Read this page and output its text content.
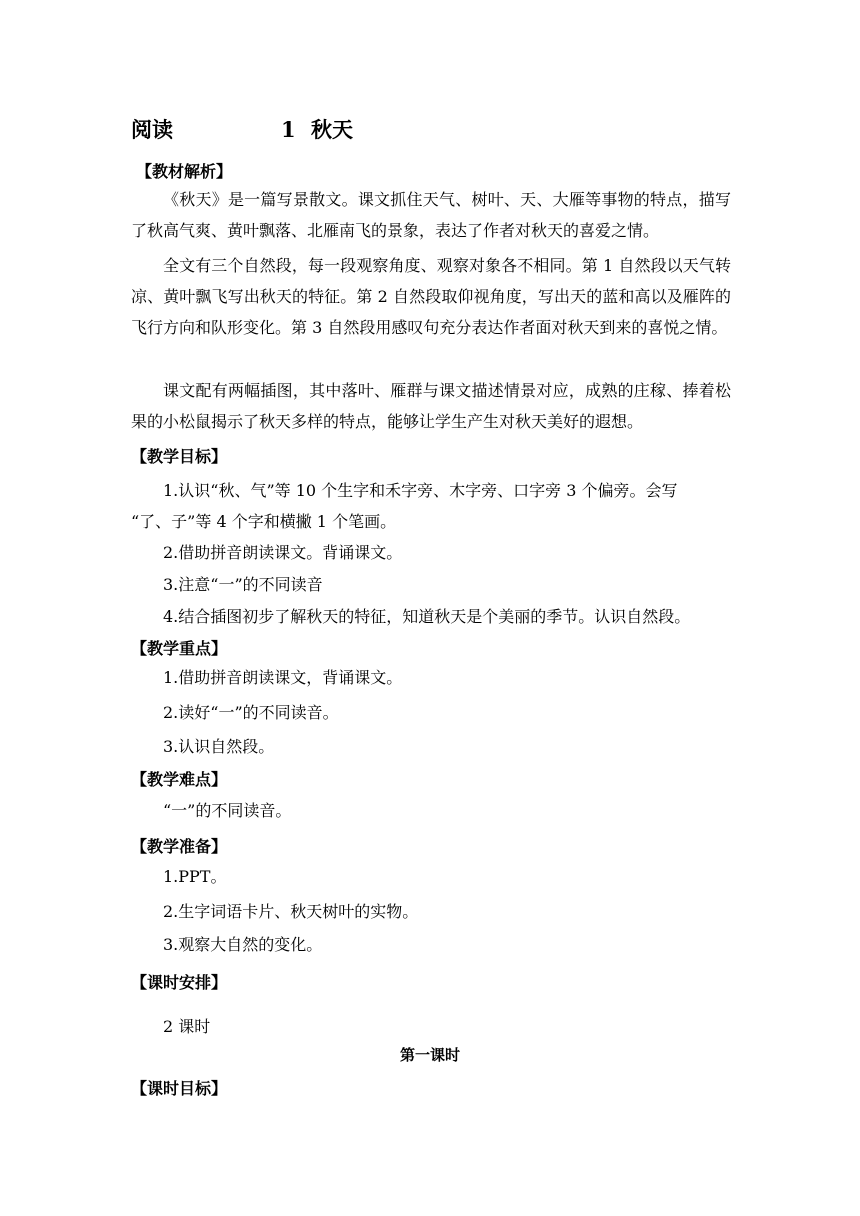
阅读	1 秋天
【教材解析】
《秋天》是一篇写景散文。课文抓住天气、树叶、天、大雁等事物的特点，描写了秋高气爽、黄叶飘落、北雁南飞的景象，表达了作者对秋天的喜爱之情。
全文有三个自然段，每一段观察角度、观察对象各不相同。第 1 自然段以天气转凉、黄叶飘飞写出秋天的特征。第 2 自然段取仰视角度，写出天的蓝和高以及雁阵的飞行方向和队形变化。第 3 自然段用感叹句充分表达作者面对秋天到来的喜悦之情。
课文配有两幅插图，其中落叶、雁群与课文描述情景对应，成熟的庄稼、捧着松果的小松鼠揭示了秋天多样的特点，能够让学生产生对秋天美好的遐想。
【教学目标】
1.认识“秋、气”等 10 个生字和禾字旁、木字旁、口字旁 3 个偏旁。会写
“了、子”等 4 个字和横撇 1 个笔画。
2.借助拼音朗读课文。背诵课文。
3.注意“一”的不同读音
4.结合插图初步了解秋天的特征，知道秋天是个美丽的季节。认识自然段。
【教学重点】
1.借助拼音朗读课文，背诵课文。
2.读好“一”的不同读音。
3.认识自然段。
【教学难点】
“一”的不同读音。
【教学准备】
1.PPT。
2.生字词语卡片、秋天树叶的实物。
3.观察大自然的变化。
【课时安排】
2 课时
第一课时
【课时目标】
